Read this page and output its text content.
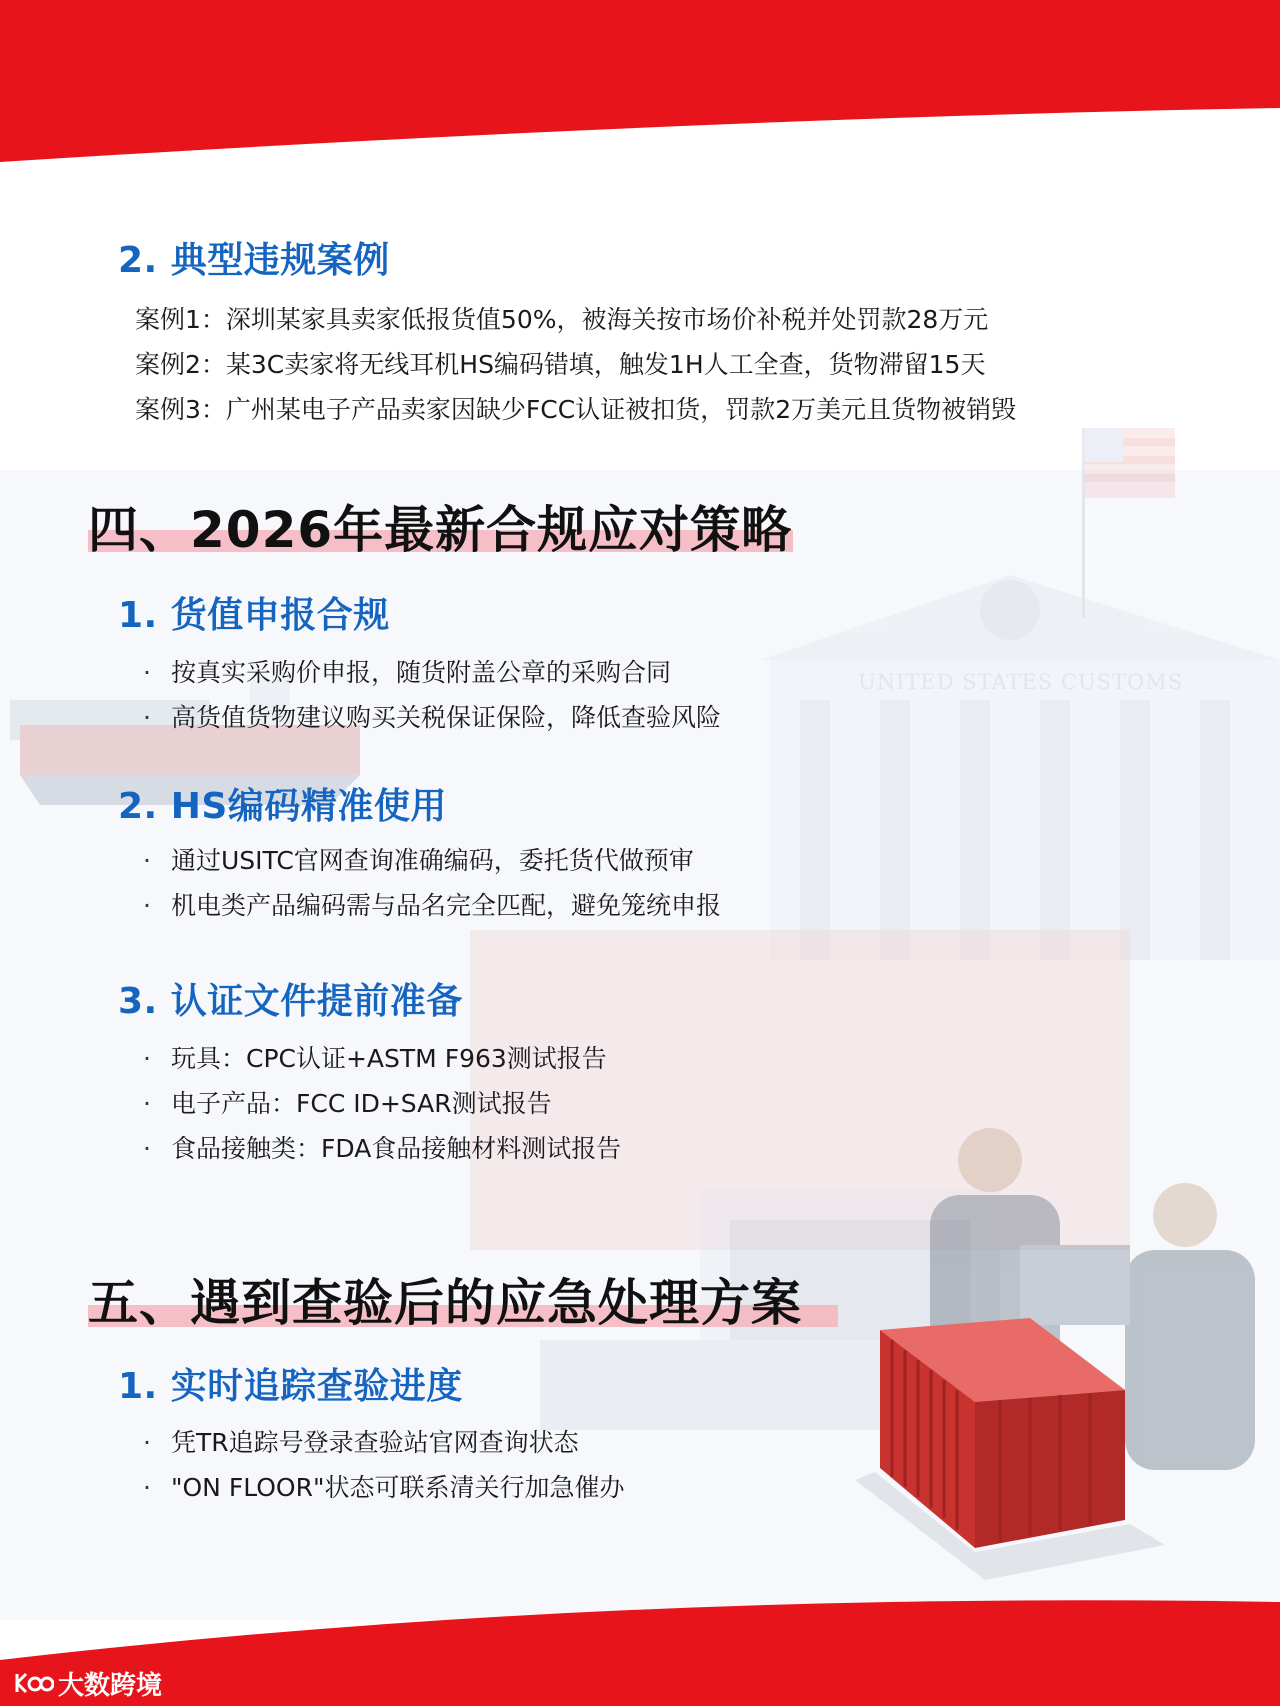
UNITED STATES CUSTOMS
2. 典型违规案例
案例1：深圳某家具卖家低报货值50%，被海关按市场价补税并处罚款28万元
案例2：某3C卖家将无线耳机HS编码错填，触发1H人工全查，货物滞留15天
案例3：广州某电子产品卖家因缺少FCC认证被扣货，罚款2万美元且货物被销毁
四、2026年最新合规应对策略
1. 货值申报合规
· 按真实采购价申报，随货附盖公章的采购合同
· 高货值货物建议购买关税保证保险，降低查验风险
2. HS编码精准使用
· 通过USITC官网查询准确编码，委托货代做预审
· 机电类产品编码需与品名完全匹配，避免笼统申报
3. 认证文件提前准备
· 玩具：CPC认证+ASTM F963测试报告
· 电子产品：FCC ID+SAR测试报告
· 食品接触类：FDA食品接触材料测试报告
五、遇到查验后的应急处理方案
1. 实时追踪查验进度
· 凭TR追踪号登录查验站官网查询状态
· "ON FLOOR"状态可联系清关行加急催办
大数跨境
